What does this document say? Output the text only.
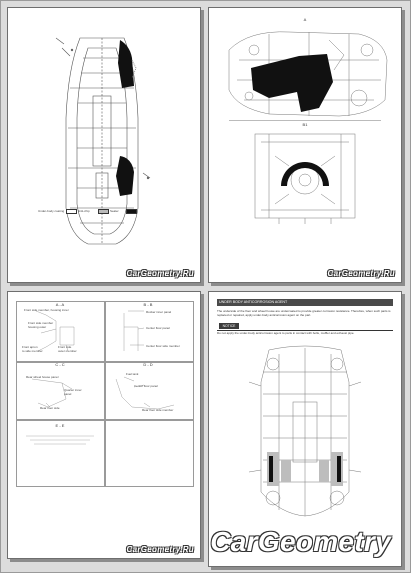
Under-body coating	Anti-chip	Sealer
CarGeometry.Ru
A
B1
CarGeometry.Ru
A - A	B - B
C - C	D - D
E - E
Front side member, housing inner
Front side member
housing outer
Front apron
to side member
Front side
outer member
Rocker inner panel
Center floor panel
Center floor side member
Rear wheel house panel
Quarter inner
panel
Rear floor side
Fuel tank
Center floor panel
Rear floor side member
CarGeometry.Ru
UNDER BODY ANTICORROSION AGENT
The underside of the floor and wheel house are undercoated to provide greater corrosion resistance. Therefore, when such parts is replaced or repaired, apply under-body anticorrosion agent on the part.
NOTICE
Do not apply the under-body anticorrosion agent to parts in contact with bolts, muffler and exhaust pipe.
CarGeometry
